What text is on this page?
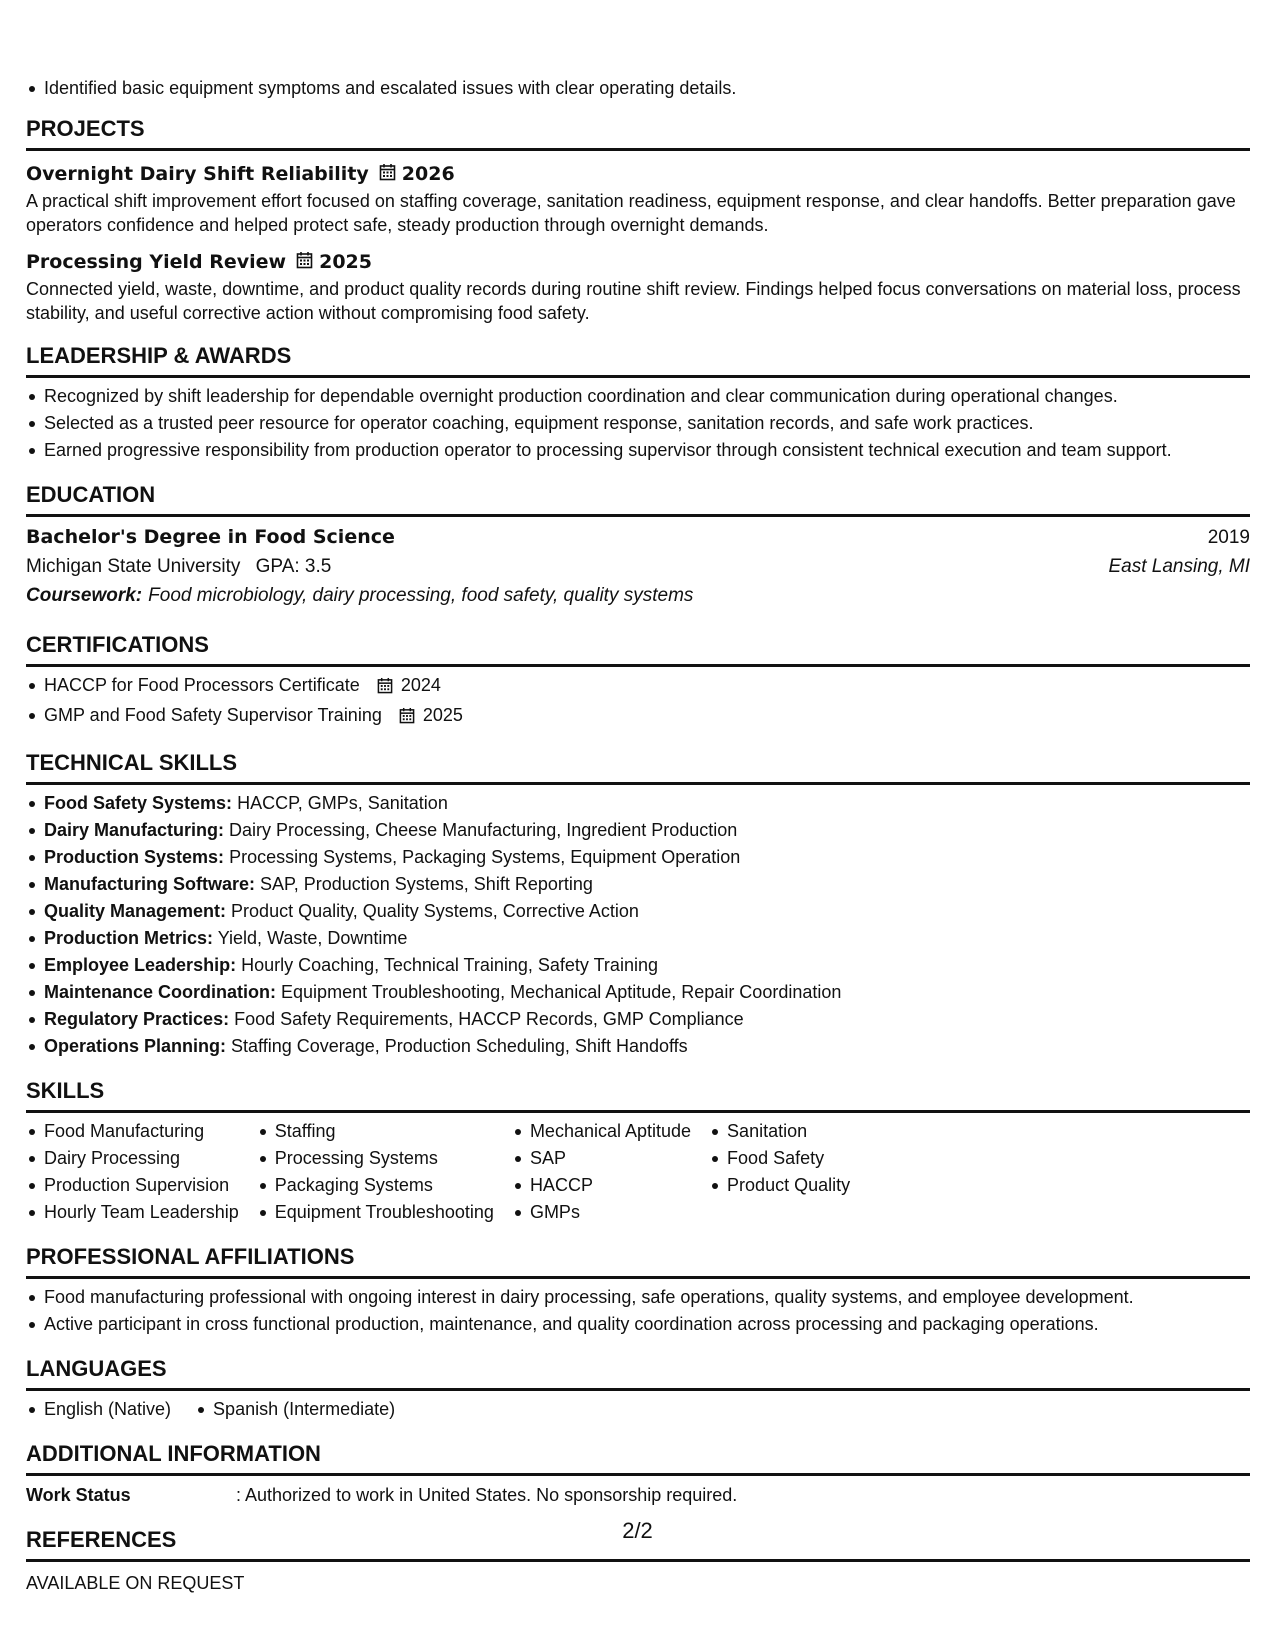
Identified basic equipment symptoms and escalated issues with clear operating details.
PROJECTS
Overnight Dairy Shift Reliability 2026
A practical shift improvement effort focused on staffing coverage, sanitation readiness, equipment response, and clear handoffs. Better preparation gave operators confidence and helped protect safe, steady production through overnight demands.
Processing Yield Review 2025
Connected yield, waste, downtime, and product quality records during routine shift review. Findings helped focus conversations on material loss, process stability, and useful corrective action without compromising food safety.
LEADERSHIP & AWARDS
Recognized by shift leadership for dependable overnight production coordination and clear communication during operational changes.
Selected as a trusted peer resource for operator coaching, equipment response, sanitation records, and safe work practices.
Earned progressive responsibility from production operator to processing supervisor through consistent technical execution and team support.
EDUCATION
Bachelor's Degree in Food Science	2019
Michigan State University GPA: 3.5	East Lansing, MI
Coursework: Food microbiology, dairy processing, food safety, quality systems
CERTIFICATIONS
HACCP for Food Processors Certificate 2024
GMP and Food Safety Supervisor Training 2025
TECHNICAL SKILLS
Food Safety Systems: HACCP, GMPs, Sanitation
Dairy Manufacturing: Dairy Processing, Cheese Manufacturing, Ingredient Production
Production Systems: Processing Systems, Packaging Systems, Equipment Operation
Manufacturing Software: SAP, Production Systems, Shift Reporting
Quality Management: Product Quality, Quality Systems, Corrective Action
Production Metrics: Yield, Waste, Downtime
Employee Leadership: Hourly Coaching, Technical Training, Safety Training
Maintenance Coordination: Equipment Troubleshooting, Mechanical Aptitude, Repair Coordination
Regulatory Practices: Food Safety Requirements, HACCP Records, GMP Compliance
Operations Planning: Staffing Coverage, Production Scheduling, Shift Handoffs
SKILLS
Food Manufacturing
Dairy Processing
Production Supervision
Hourly Team Leadership
Staffing
Processing Systems
Packaging Systems
Equipment Troubleshooting
Mechanical Aptitude
SAP
HACCP
GMPs
Sanitation
Food Safety
Product Quality
PROFESSIONAL AFFILIATIONS
Food manufacturing professional with ongoing interest in dairy processing, safe operations, quality systems, and employee development.
Active participant in cross functional production, maintenance, and quality coordination across processing and packaging operations.
LANGUAGES
English (Native)	Spanish (Intermediate)
ADDITIONAL INFORMATION
Work Status	: Authorized to work in United States. No sponsorship required.
REFERENCES
AVAILABLE ON REQUEST
2/2
